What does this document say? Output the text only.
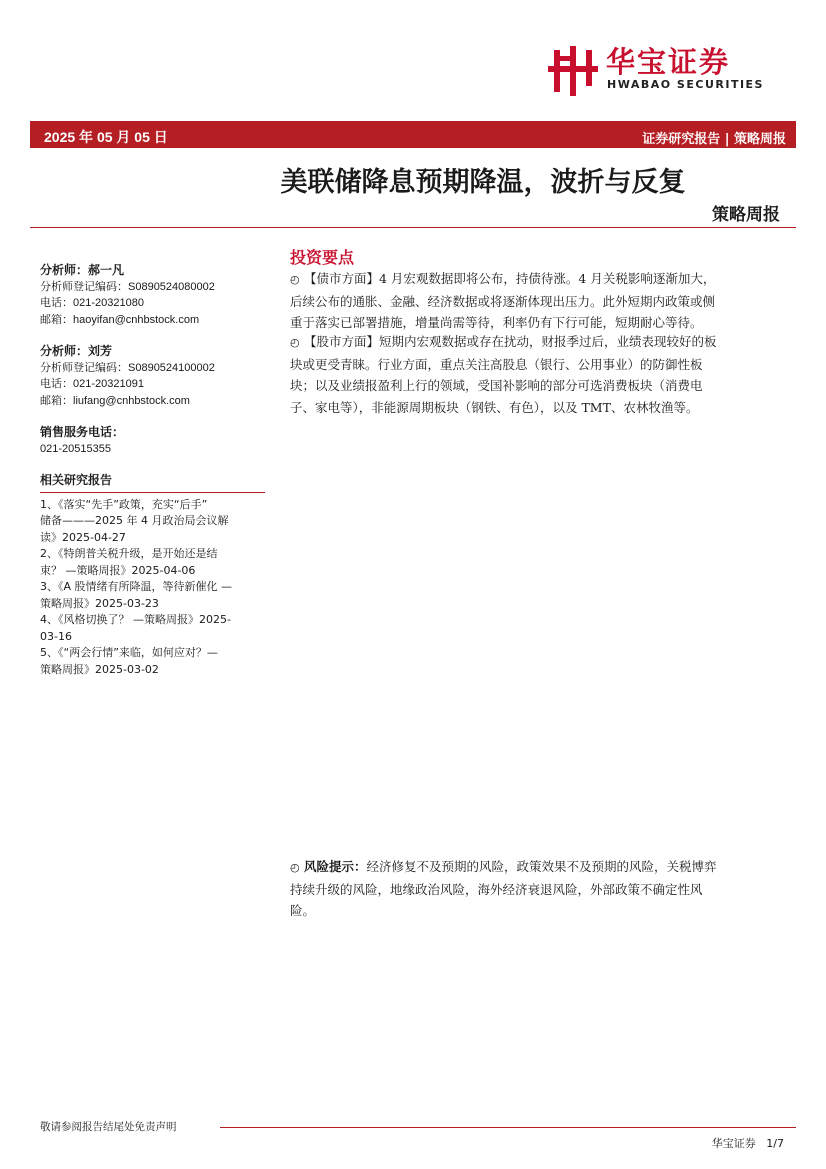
华宝证券
HWABAO SECURITIES
2025 年 05 月 05 日	证券研究报告 | 策略周报
美联储降息预期降温，波折与反复
策略周报

分析师：郝一凡

分析师登记编码：S0890524080002

电话：021-20321080

邮箱：haoyifan@cnhbstock.com

分析师：刘芳

分析师登记编码：S0890524100002

电话：021-20321091

邮箱：liufang@cnhbstock.com

销售服务电话：

021-20515355

相关研究报告

1、《落实“先手”政策，充实“后手”
储备———2025 年 4 月政治局会议解
读》2025-04-27

2、《特朗普关税升级，是开始还是结
束？ —策略周报》2025-04-06

3、《A 股情绪有所降温，等待新催化 —
策略周报》2025-03-23

4、《风格切换了？ —策略周报》2025-
03-16

5、《“两会行情”来临，如何应对？—
策略周报》2025-03-02

投资要点
◴ 【债市方面】4 月宏观数据即将公布，持债待涨。4 月关税影响逐渐加大，
后续公布的通胀、金融、经济数据或将逐渐体现出压力。此外短期内政策或侧
重于落实已部署措施，增量尚需等待，利率仍有下行可能，短期耐心等待。
◴ 【股市方面】短期内宏观数据或存在扰动，财报季过后，业绩表现较好的板
块或更受青睐。行业方面，重点关注高股息（银行、公用事业）的防御性板
块；以及业绩报盈利上行的领域，受国补影响的部分可选消费板块（消费电
子、家电等），非能源周期板块（钢铁、有色），以及 TMT、农林牧渔等。
◴ 风险提示：经济修复不及预期的风险，政策效果不及预期的风险，关税博弈
持续升级的风险，地缘政治风险，海外经济衰退风险，外部政策不确定性风
险。
敬请参阅报告结尾处免责声明
华宝证券 1/7
